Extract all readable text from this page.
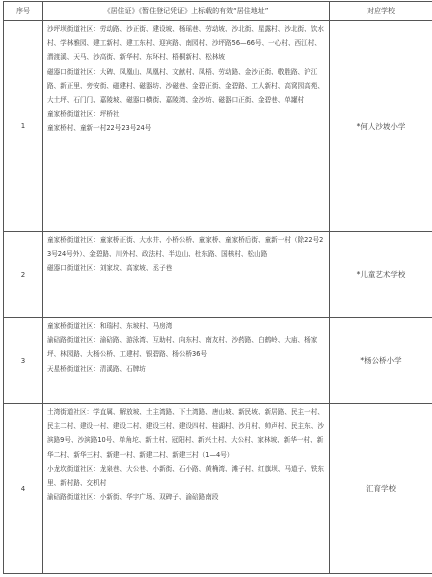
序号	《居住证》《暂住登记凭证》上标载的有效“居住地址”	对应学校
1	沙坪坝街道社区：劳动路、沙正街、建设坡、杨瑶巷、劳动坡、沙北街、星露村、沙北街、饮水村、学林雅园、建工新村、建工东村、迎宾路、南园村、沙坪路56—66号、一心村、西江村、潜渡溪、天马、沙高街、新华村、东环村、梧桐新村、松林坡

磁器口街道社区：大碑、凤凰山、凤凰村、文献村、凤梧、劳动路、金沙正街、敬胜路、沪江路、新正里、旁安街、磁建村、磁器坊、沙磁巷、金碧正街、金碧路、工人新村、高窝园高苑、大土坪、石门门、嘉陵坡、磁器口横街、嘉陵湾、金沙坊、磁器口正街、金碧巷、单罐村

童家桥街道社区：坪桥社

童家桥村、童新一村22号23号24号	*何人沙坡小学
2	童家桥街道社区：童家桥正街、大水井、小桥公桥、童家桥、童家桥后街、童新一村（除22号23号24号外）、金碧路、川外村、政法村、半边山、杜东路、国核村、松山路

磁器口街道社区：刘家坟、高家坡、丞子巷	*儿童艺术学校
3	童家桥街道社区：和瑞村、东坡村、马房湾

渝碚路街道社区：渝碚路、游泳湾、互助村、向东村、南友村、沙药路、白鹤岭、大庙、杨家坪、林园路、大杨公桥、工建村、银碧路、杨公桥36号

天星桥街道社区：清溪路、石牌坊	*杨公桥小学
4	土湾街道社区：学直属、解放坡、土主湾路、下土湾路、唐山坡、新民坡、新居路、民主一村、民主二村、建设一村、建设二村、建设三村、建设四村、桂湖村、沙月村、帅声村、民主东、沙滨路9号、沙滨路10号、单角坨、新土村、冠阳村、新兴土村、大公村、家林坡、新华一村、新华二村、新华三村、新建一村、新建二村、新建三村（1—4号）

小龙坎街道社区：龙泉巷、大公巷、小新街、石小路、黄桷湾、滩子村、红旗坝、马道子、铁东里、新村路、交机村

渝碚路街道社区：小新街、华宇广场、双碑子、渝碚路南段	汇育学校
